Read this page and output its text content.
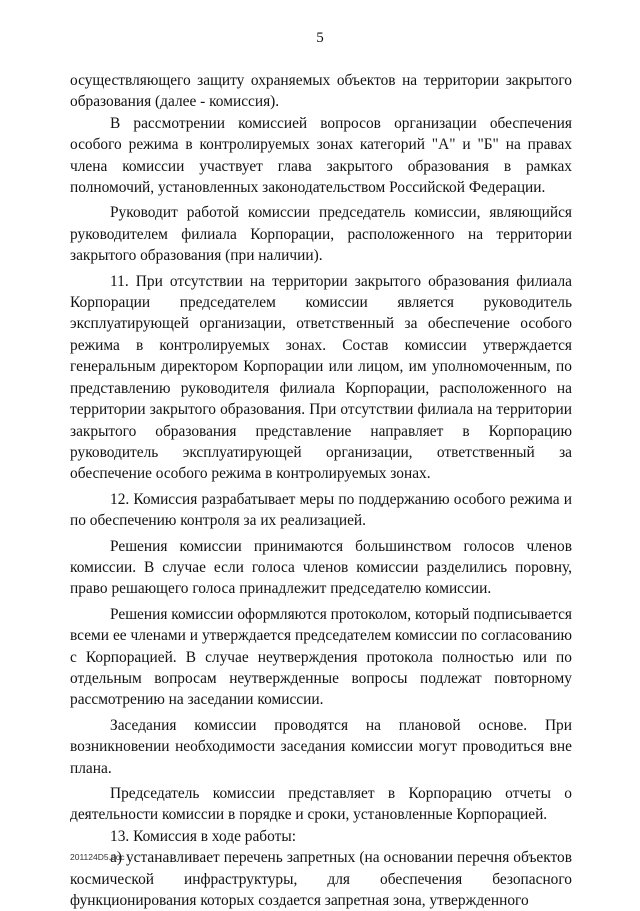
5

осуществляющего защиту охраняемых объектов на территории закрытого образования (далее - комиссия).

В рассмотрении комиссией вопросов организации обеспечения особого режима в контролируемых зонах категорий "А" и "Б" на правах члена комиссии участвует глава закрытого образования в рамках полномочий, установленных законодательством Российской Федерации.

Руководит работой комиссии председатель комиссии, являющийся руководителем филиала Корпорации, расположенного на территории закрытого образования (при наличии).

11. При отсутствии на территории закрытого образования филиала Корпорации председателем комиссии является руководитель эксплуатирующей организации, ответственный за обеспечение особого режима в контролируемых зонах. Состав комиссии утверждается генеральным директором Корпорации или лицом, им уполномоченным, по представлению руководителя филиала Корпорации, расположенного на территории закрытого образования. При отсутствии филиала на территории закрытого образования представление направляет в Корпорацию руководитель эксплуатирующей организации, ответственный за обеспечение особого режима в контролируемых зонах.

12. Комиссия разрабатывает меры по поддержанию особого режима и по обеспечению контроля за их реализацией.

Решения комиссии принимаются большинством голосов членов комиссии. В случае если голоса членов комиссии разделились поровну, право решающего голоса принадлежит председателю комиссии.

Решения комиссии оформляются протоколом, который подписывается всеми ее членами и утверждается председателем комиссии по согласованию с Корпорацией. В случае неутверждения протокола полностью или по отдельным вопросам неутвержденные вопросы подлежат повторному рассмотрению на заседании комиссии.

Заседания комиссии проводятся на плановой основе. При возникновении необходимости заседания комиссии могут проводиться вне плана.

Председатель комиссии представляет в Корпорацию отчеты о деятельности комиссии в порядке и сроки, установленные Корпорацией.

13. Комиссия в ходе работы:

а) устанавливает перечень запретных (на основании перечня объектов космической инфраструктуры, для обеспечения безопасного функционирования которых создается запретная зона, утвержденного

201124D5.doc
